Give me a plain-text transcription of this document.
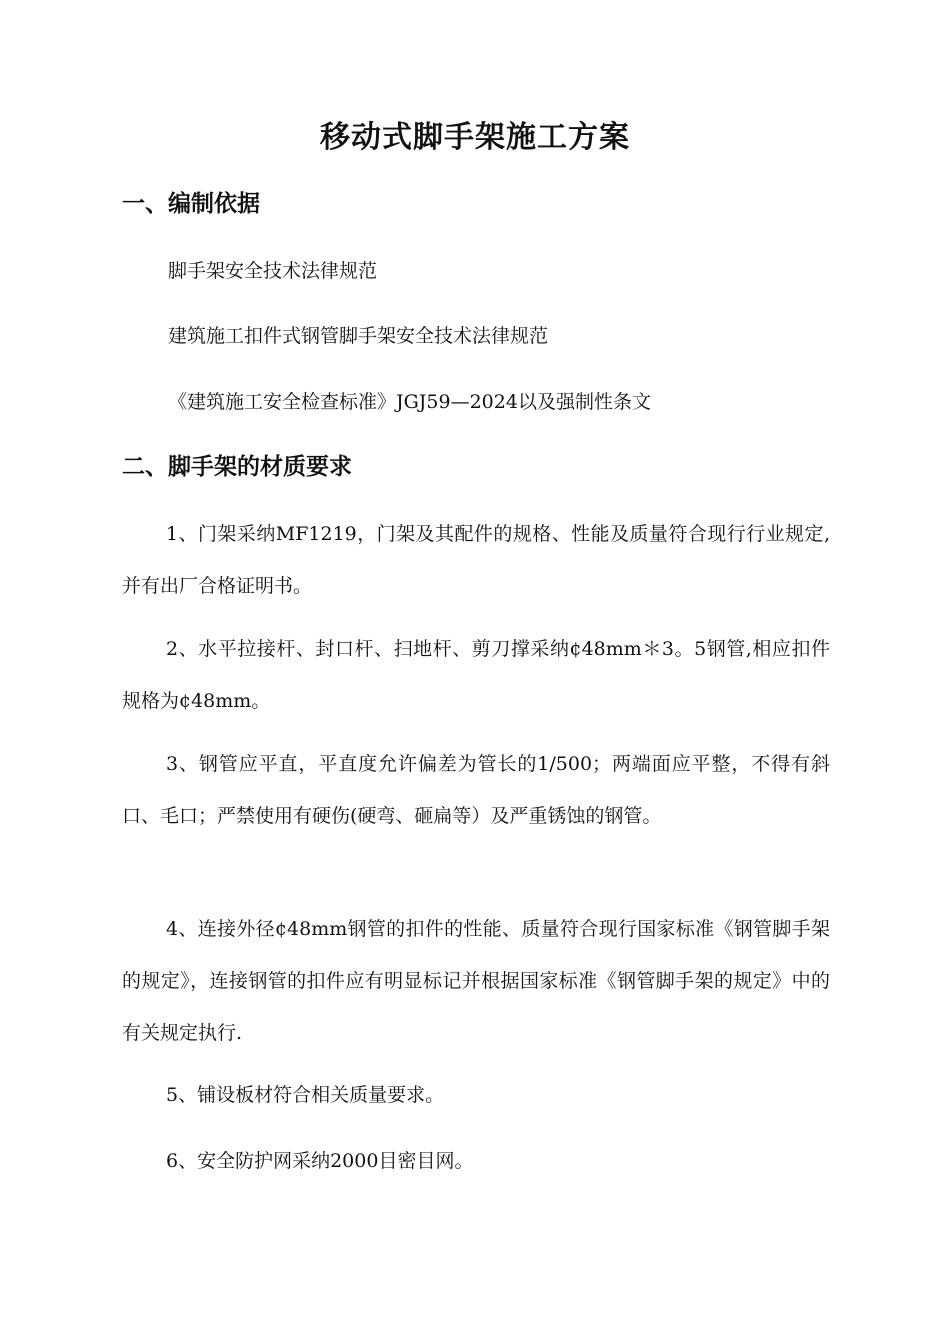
移动式脚手架施工方案
一、编制依据

脚手架安全技术法律规范

建筑施工扣件式钢管脚手架安全技术法律规范

《建筑施工安全检查标准》JGJ59—2024以及强制性条文

二、脚手架的材质要求

1、门架采纳MF1219，门架及其配件的规格、性能及质量符合现行行业规定,并有出厂合格证明书。

2、水平拉接杆、封口杆、扫地杆、剪刀撑采纳¢48mm＊3。5钢管,相应扣件规格为¢48mm。

3、钢管应平直，平直度允许偏差为管长的1/500；两端面应平整，不得有斜口、毛口；严禁使用有硬伤(硬弯、砸扁等）及严重锈蚀的钢管。

4、连接外径¢48mm钢管的扣件的性能、质量符合现行国家标准《钢管脚手架的规定》，连接钢管的扣件应有明显标记并根据国家标准《钢管脚手架的规定》中的有关规定执行.

5、铺设板材符合相关质量要求。

6、安全防护网采纳2000目密目网。
